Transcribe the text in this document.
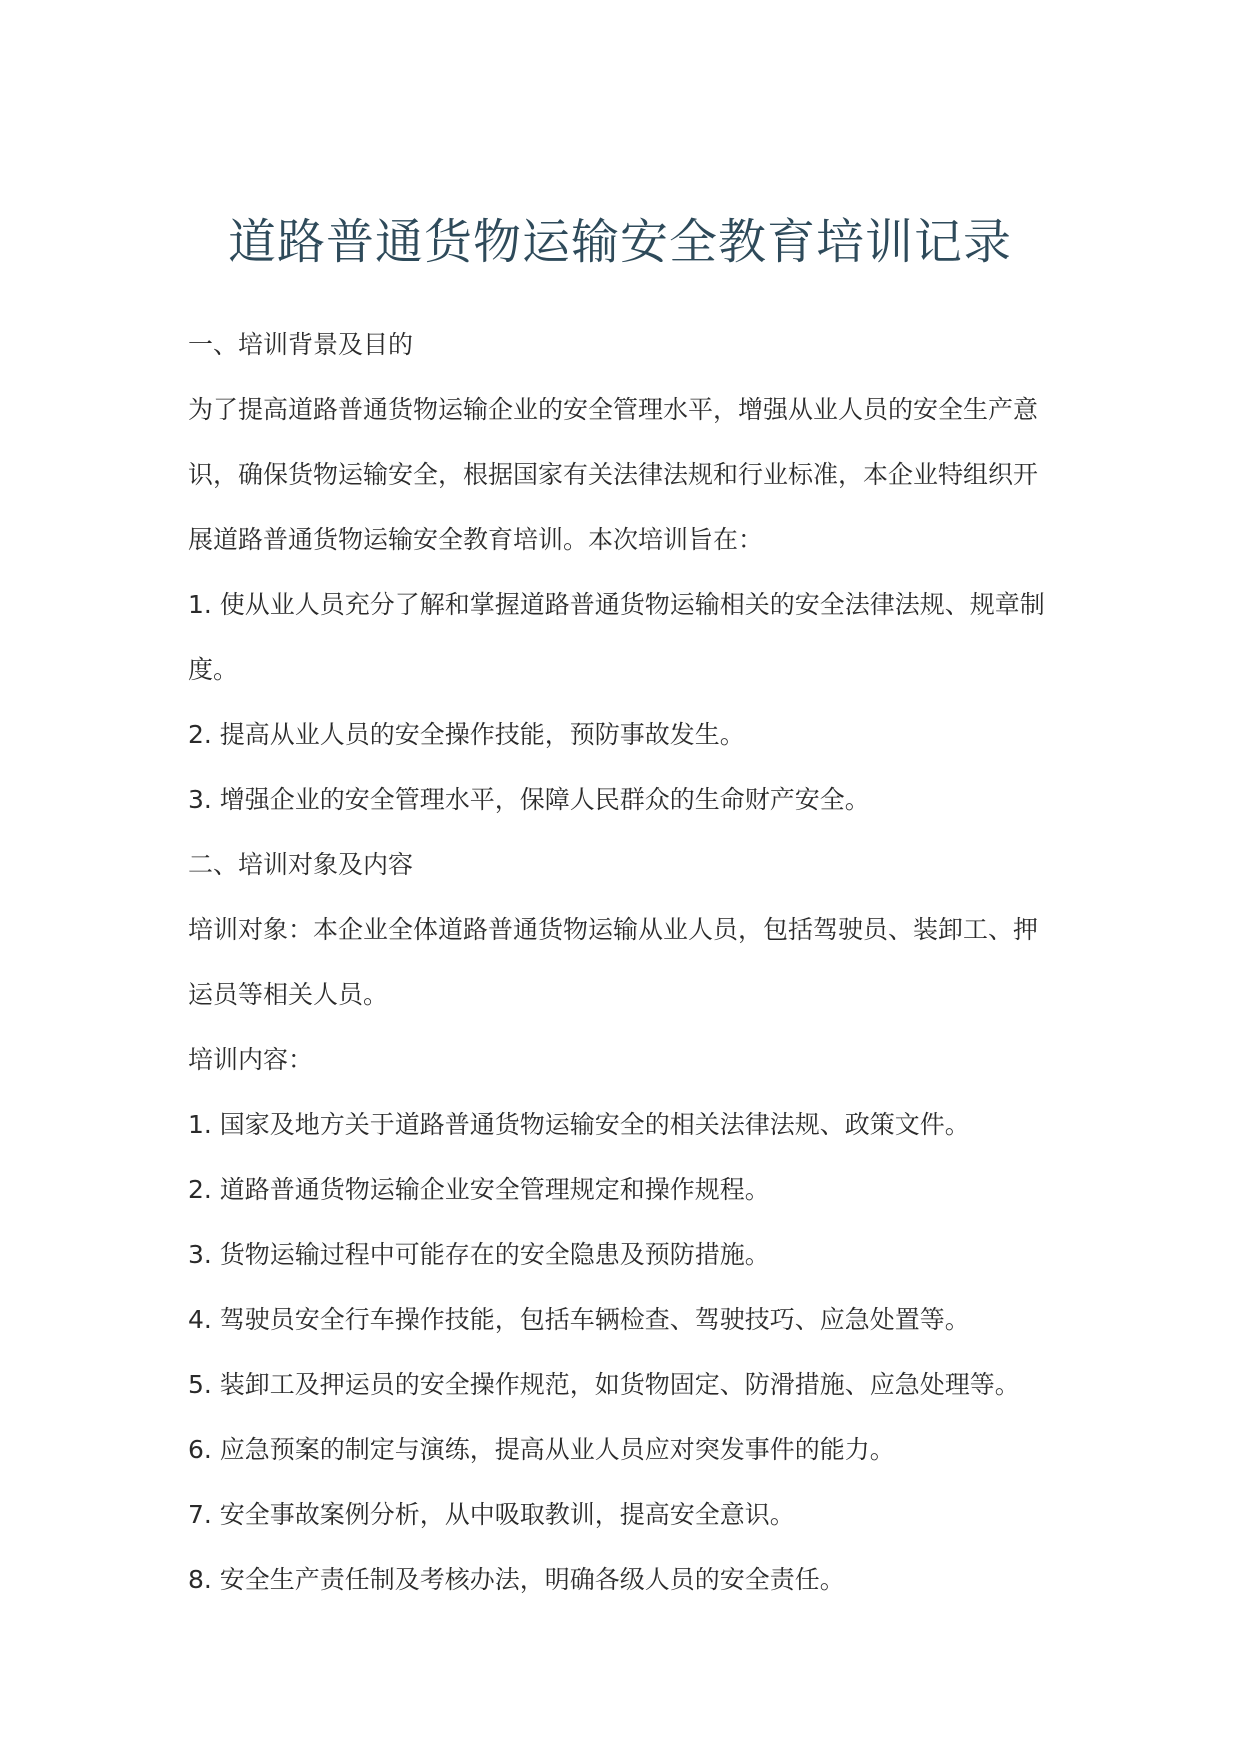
道路普通货物运输安全教育培训记录
一、培训背景及目的
为了提高道路普通货物运输企业的安全管理水平，增强从业人员的安全生产意
识，确保货物运输安全，根据国家有关法律法规和行业标准，本企业特组织开
展道路普通货物运输安全教育培训。本次培训旨在：
1. 使从业人员充分了解和掌握道路普通货物运输相关的安全法律法规、规章制
度。
2. 提高从业人员的安全操作技能，预防事故发生。
3. 增强企业的安全管理水平，保障人民群众的生命财产安全。
二、培训对象及内容
培训对象：本企业全体道路普通货物运输从业人员，包括驾驶员、装卸工、押
运员等相关人员。
培训内容：
1. 国家及地方关于道路普通货物运输安全的相关法律法规、政策文件。
2. 道路普通货物运输企业安全管理规定和操作规程。
3. 货物运输过程中可能存在的安全隐患及预防措施。
4. 驾驶员安全行车操作技能，包括车辆检查、驾驶技巧、应急处置等。
5. 装卸工及押运员的安全操作规范，如货物固定、防滑措施、应急处理等。
6. 应急预案的制定与演练，提高从业人员应对突发事件的能力。
7. 安全事故案例分析，从中吸取教训，提高安全意识。
8. 安全生产责任制及考核办法，明确各级人员的安全责任。
